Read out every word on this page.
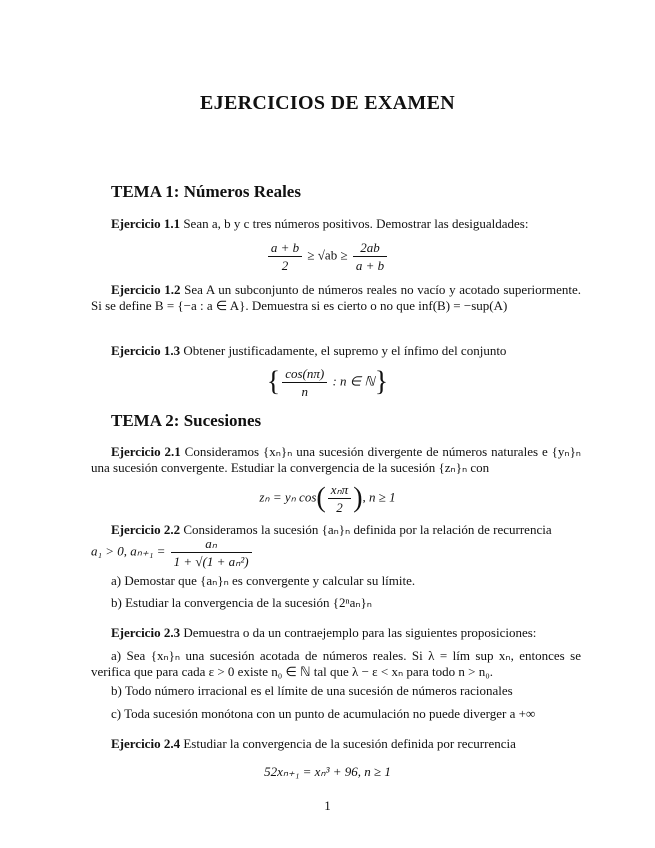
EJERCICIOS DE EXAMEN
TEMA 1: Números Reales
Ejercicio 1.1 Sean a, b y c tres números positivos. Demostrar las desigualdades:
$\frac{a + b}{2} \ge √ab \ge \frac{2ab}{a + b}$
Ejercicio 1.2 Sea A un subconjunto de números reales no vacío y acotado superiormente. Si se define B = {−a : a ∈ A}. Demuestra si es cierto o no que inf(B) = −sup(A)
Ejercicio 1.3 Obtener justificadamente, el supremo y el ínfimo del conjunto
{ $\frac{\cos(n\pi)}{n}$ : n ∈ ℕ}
TEMA 2: Sucesiones
Ejercicio 2.1 Consideramos {xₙ}ₙ una sucesión divergente de números naturales e {yₙ}ₙ una sucesión convergente. Estudiar la convergencia de la sucesión {zₙ}ₙ con
zₙ = yₙ $\cos( \frac{\text{xₙπ}}{2}$ ), n ≥ 1
Ejercicio 2.2 Consideramos la sucesión {aₙ}ₙ definida por la relación de recurrencia
a₁ > 0, $a_{n+1} = \frac{\text{aₙ}}{\text{1 + √(1 + aₙ²)}}$
a) Demostar que {aₙ}ₙ es convergente y calcular su límite.
b) Estudiar la convergencia de la sucesión {2ⁿaₙ}ₙ
Ejercicio 2.3 Demuestra o da un contraejemplo para las siguientes proposiciones:
a) Sea {xₙ}ₙ una sucesión acotada de números reales. Si λ = lím sup xₙ, entonces se verifica que para cada ε > 0 existe n₀ ∈ ℕ tal que λ − ε < xₙ para todo n > n₀.
b) Todo número irracional es el límite de una sucesión de números racionales
c) Toda sucesión monótona con un punto de acumulación no puede diverger a +∞
Ejercicio 2.4 Estudiar la convergencia de la sucesión definida por recurrencia
52xₙ₊₁ = xₙ³ + 96, n ≥ 1
1
